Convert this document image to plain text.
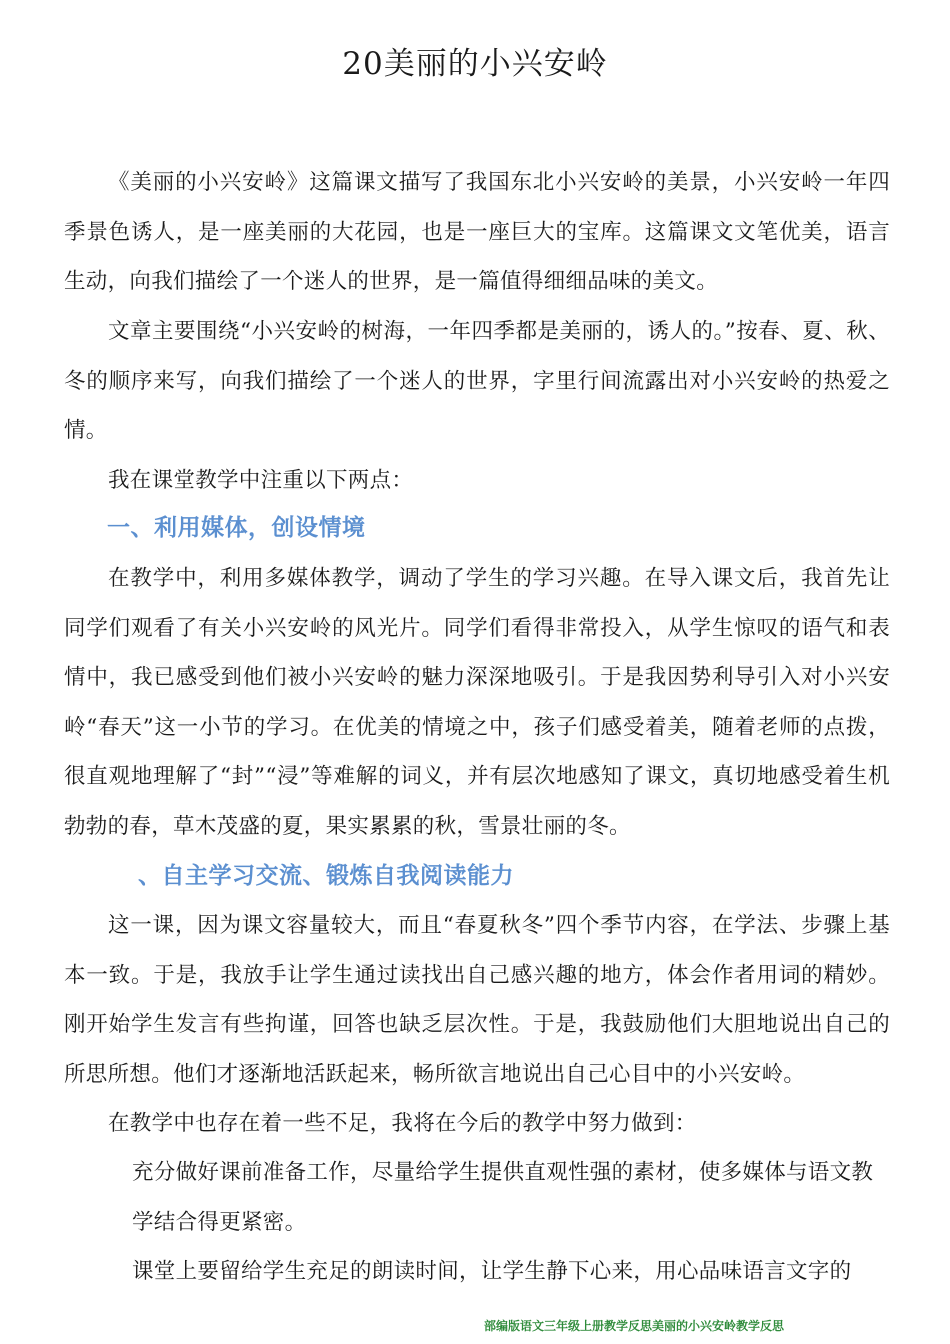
20美丽的小兴安岭
《美丽的小兴安岭》这篇课文描写了我国东北小兴安岭的美景，小兴安岭一年四季景色诱人，是一座美丽的大花园，也是一座巨大的宝库。这篇课文文笔优美，语言生动，向我们描绘了一个迷人的世界，是一篇值得细细品味的美文。
文章主要围绕“小兴安岭的树海，一年四季都是美丽的，诱人的。”按春、夏、秋、冬的顺序来写，向我们描绘了一个迷人的世界，字里行间流露出对小兴安岭的热爱之情。
我在课堂教学中注重以下两点：
一、利用媒体，创设情境
在教学中，利用多媒体教学，调动了学生的学习兴趣。在导入课文后，我首先让同学们观看了有关小兴安岭的风光片。同学们看得非常投入，从学生惊叹的语气和表情中，我已感受到他们被小兴安岭的魅力深深地吸引。于是我因势利导引入对小兴安岭“春天”这一小节的学习。在优美的情境之中，孩子们感受着美，随着老师的点拨，很直观地理解了“封”“浸”等难解的词义，并有层次地感知了课文，真切地感受着生机勃勃的春，草木茂盛的夏，果实累累的秋，雪景壮丽的冬。
、自主学习交流、锻炼自我阅读能力
这一课，因为课文容量较大，而且“春夏秋冬”四个季节内容，在学法、步骤上基本一致。于是，我放手让学生通过读找出自己感兴趣的地方，体会作者用词的精妙。刚开始学生发言有些拘谨，回答也缺乏层次性。于是，我鼓励他们大胆地说出自己的所思所想。他们才逐渐地活跃起来，畅所欲言地说出自己心目中的小兴安岭。
在教学中也存在着一些不足，我将在今后的教学中努力做到：
充分做好课前准备工作，尽量给学生提供直观性强的素材，使多媒体与语文教学结合得更紧密。
课堂上要留给学生充足的朗读时间，让学生静下心来，用心品味语言文字的
部编版语文三年级上册教学反思美丽的小兴安岭教学反思
